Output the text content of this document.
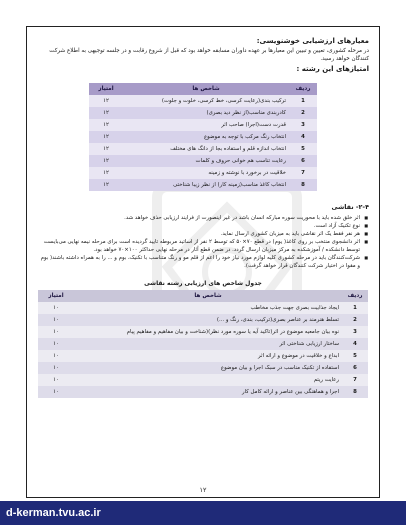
معیارهای ارزشیابی خوشنویسی:

در مرحله کشوری، تعیین و تبیین این معیارها بر عهده داوران مسابقه خواهد بود که قبل از شروع رقابت و در جلسه توجیهی به اطلاع شرکت کنندگان خواهد رسید.

امتیازهای این رشته :
ردیف	شاخص ها	امتیاز
1	ترکیب بندی(رعایت کرسی، خط کرسی، خلوت و جلوت)	۱۲
2	کادربندی مناسب(از نظر دید بصری)	۱۲
3	قدرت دست(اجرا) صاحب اثر	۱۲
4	انتخاب رنگ مرکب با توجه به موضوع	۱۲
5	انتخاب اندازه قلم و استفاده بجا از دانگ های مختلف	۱۲
6	رعایت تناسب هم خوانی حروف و کلمات	۱۲
7	خلاقیت در برخورد با نوشته و زمینه	۱۲
8	انتخاب کاغذ مناسب(زمینه کار) از نظر زیبا شناختی	۱۲
۲-۴- نقاشی
■ اثر خلق شده باید با محوریت سوره مبارکه انسان باشد در غیر اینصورت از فرایند ارزیابی حذف خواهد شد.
■ نوع تکنیک آزاد است.
■ هر نفر فقط یک اثر نقاشی باید به میزبان کشوری ارسال نماید.
■ اثر دانشجوی منتخب بر روی کاغذ( یوم) در قطع ۷۰×۵۰ که توسط ۲ نفر از اساتید مربوطه تایید گردیده است برای مرحله نیمه نهایی می‌بایست توسط دانشکده / آموزشکده به مرکز میزبان ارسال گردد. در ضمن قطع آثار در مرحله نهایی حداکثر ۱۰۰×۷۰ خواهد بود.
■ شرکت‌کنندگان باید در مرحله کشوری کلیه لوازم مورد نیاز خود را اعم از قلم مو و رنگ متناسب با تکنیک، بوم و ... را به همراه داشته باشند( بوم و مقوا در اختیار شرکت کنندگان قرار خواهد گرفت).
جدول شاخص های ارزیابی رشته نقاشی
ردیف	شاخص ها	امتیاز
1	ایجاد جذابیت بصری جهت جذب مخاطب	۱۰
2	تسلط هنرمند بر عناصر بصری(ترکیب، بندی، رنگ و ...)	۱۰
3	نوه بیان جامعیه موضوع در اثر(تاکید آیه یا سوره مورد نظر)(شناخت و بیان مفاهیم و مفاهیم پیام	۱۰
4	ساختار ارزیابی شناختی اثر	۱۰
5	ابداع و خلاقیت در موضوع و ارائه اثر	۱۰
6	استفاده از تکنیک مناسب در سبک اجرا و بیان موضوع	۱۰
7	رعایت ریتم	۱۰
8	اجرا و هماهنگی بین عناصر و ارائه کامل کار	۱۰
۱۲
d-kerman.tvu.ac.ir
